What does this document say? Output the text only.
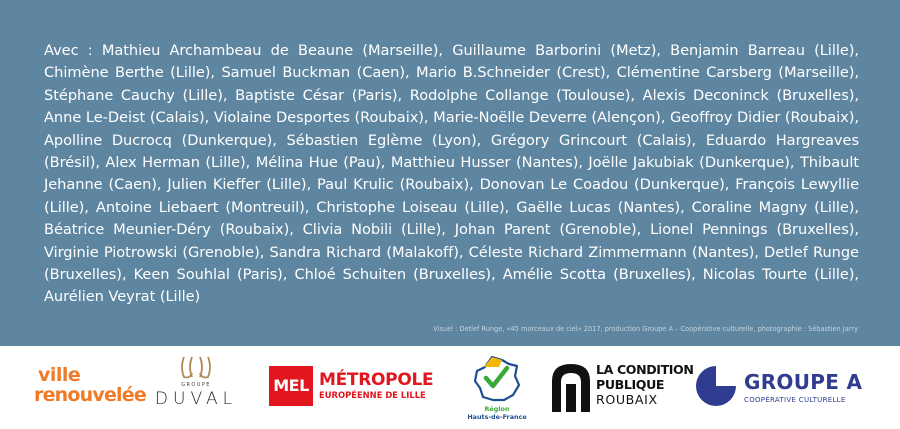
Avec : Mathieu Archambeau de Beaune (Marseille), Guillaume Barborini (Metz), Benjamin Barreau (Lille), Chimène Berthe (Lille), Samuel Buckman (Caen), Mario B.Schneider (Crest), Clémentine Carsberg (Marseille), Stéphane Cauchy (Lille), Baptiste César (Paris), Rodolphe Collange (Toulouse), Alexis Deconinck (Bruxelles), Anne Le-Deist (Calais), Violaine Desportes (Roubaix), Marie-Noëlle Deverre (Alençon), Geoffroy Didier (Roubaix), Apolline Ducrocq (Dunkerque), Sébastien Eglème (Lyon), Grégory Grincourt (Calais), Eduardo Hargreaves (Brésil), Alex Herman (Lille), Mélina Hue (Pau), Matthieu Husser (Nantes), Joëlle Jakubiak (Dunkerque), Thibault Jehanne (Caen), Julien Kieffer (Lille), Paul Krulic (Roubaix), Donovan Le Coadou (Dunkerque), François Lewyllie (Lille), Antoine Liebaert (Montreuil), Christophe Loiseau (Lille), Gaëlle Lucas (Nantes), Coraline Magny (Lille), Béatrice Meunier-Déry (Roubaix), Clivia Nobili (Lille), Johan Parent (Grenoble), Lionel Pennings (Bruxelles), Virginie Piotrowski (Grenoble), Sandra Richard (Malakoff), Céleste Richard Zimmermann (Nantes), Detlef Runge (Bruxelles), Keen Souhlal (Paris), Chloé Schuiten (Bruxelles), Amélie Scotta (Bruxelles), Nicolas Tourte (Lille), Aurélien Veyrat (Lille)
Visuel : Detlef Runge, «45 morceaux de ciel» 2017, production Groupe A – Coopérative culturelle, photographie : Sébastien Jarry
ville
renouvelée	GROUPE
DUVAL
MEL MÉTROPOLE
EUROPÉENNE DE LILLE
Région
Hauts-de-France
LA CONDITION
PUBLIQUE
ROUBAIX
GROUPE A
COOPÉRATIVE CULTURELLE
